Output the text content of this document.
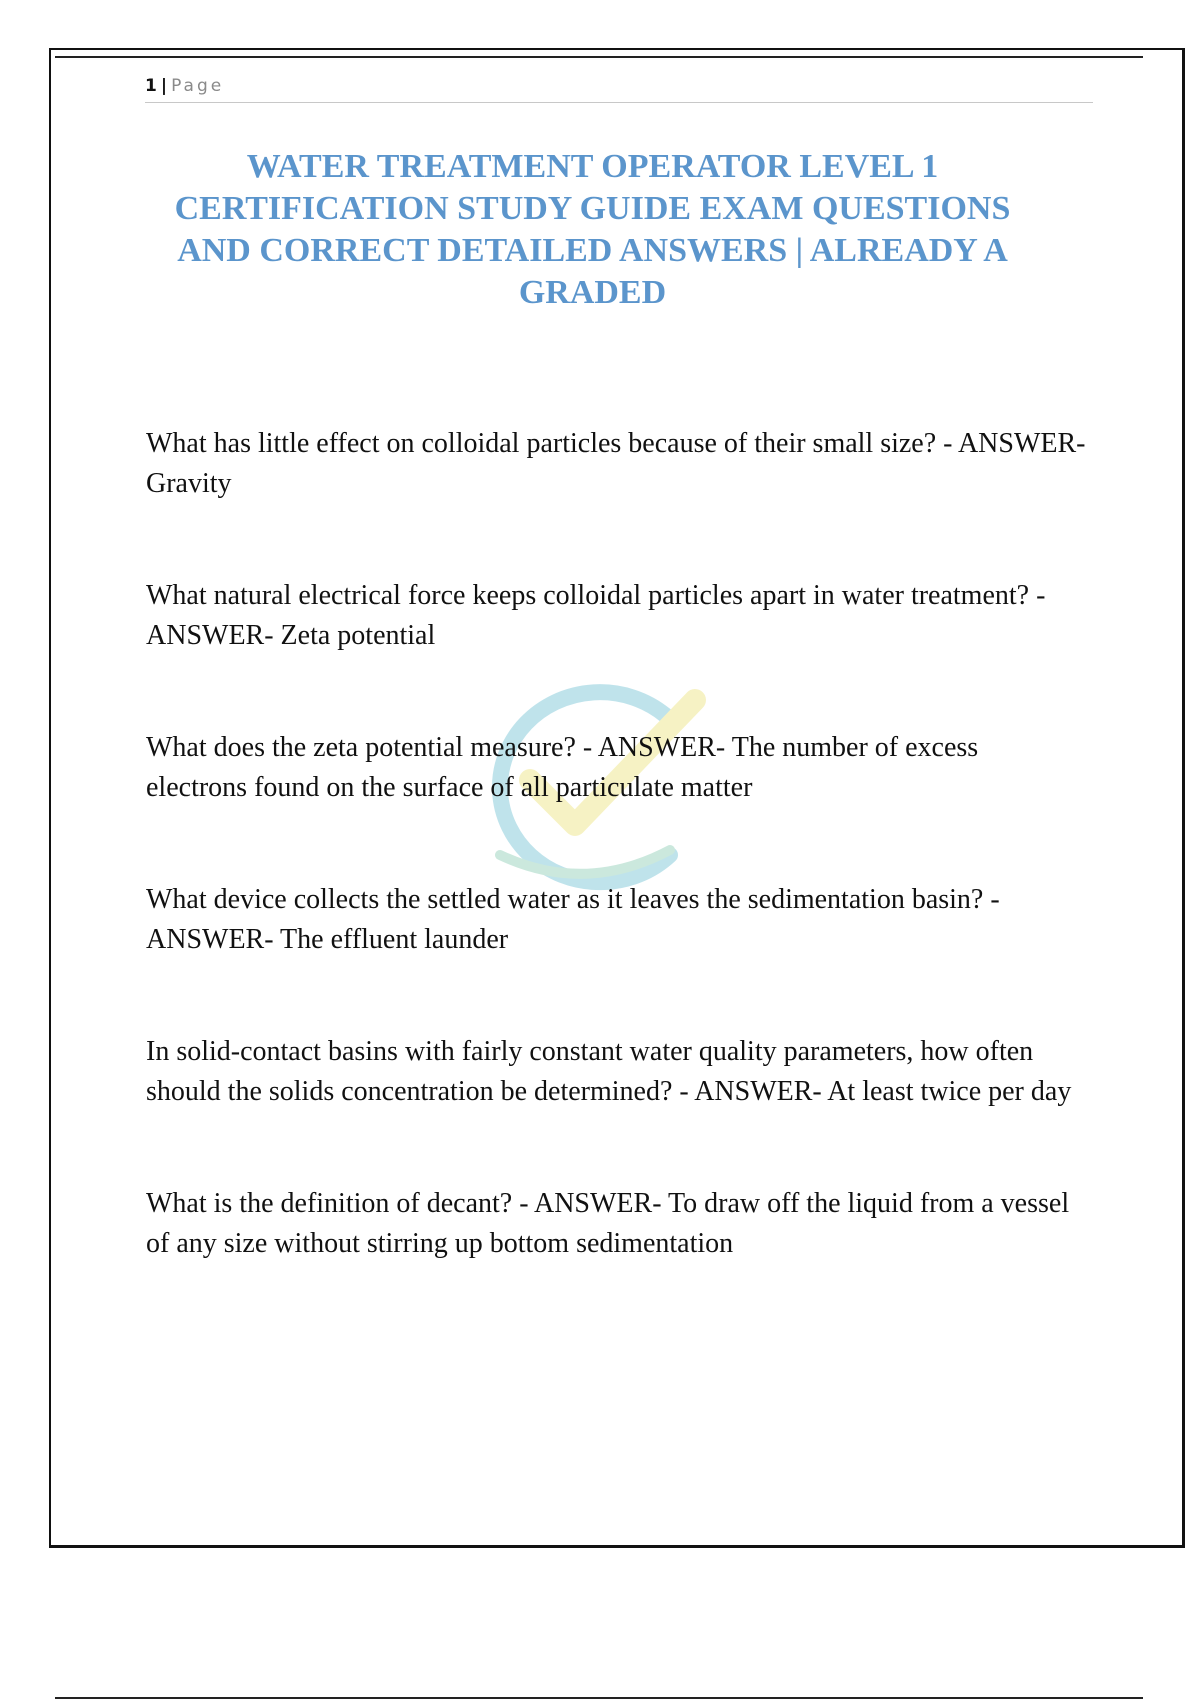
1 | Page
WATER TREATMENT OPERATOR LEVEL 1 CERTIFICATION STUDY GUIDE EXAM QUESTIONS AND CORRECT DETAILED ANSWERS | ALREADY A GRADED

What has little effect on colloidal particles because of their small size? - ANSWER- Gravity

What natural electrical force keeps colloidal particles apart in water treatment? - ANSWER- Zeta potential

What does the zeta potential measure? - ANSWER- The number of excess electrons found on the surface of all particulate matter

What device collects the settled water as it leaves the sedimentation basin? - ANSWER- The effluent launder

In solid-contact basins with fairly constant water quality parameters, how often should the solids concentration be determined? - ANSWER- At least twice per day

What is the definition of decant? - ANSWER- To draw off the liquid from a vessel of any size without stirring up bottom sedimentation
